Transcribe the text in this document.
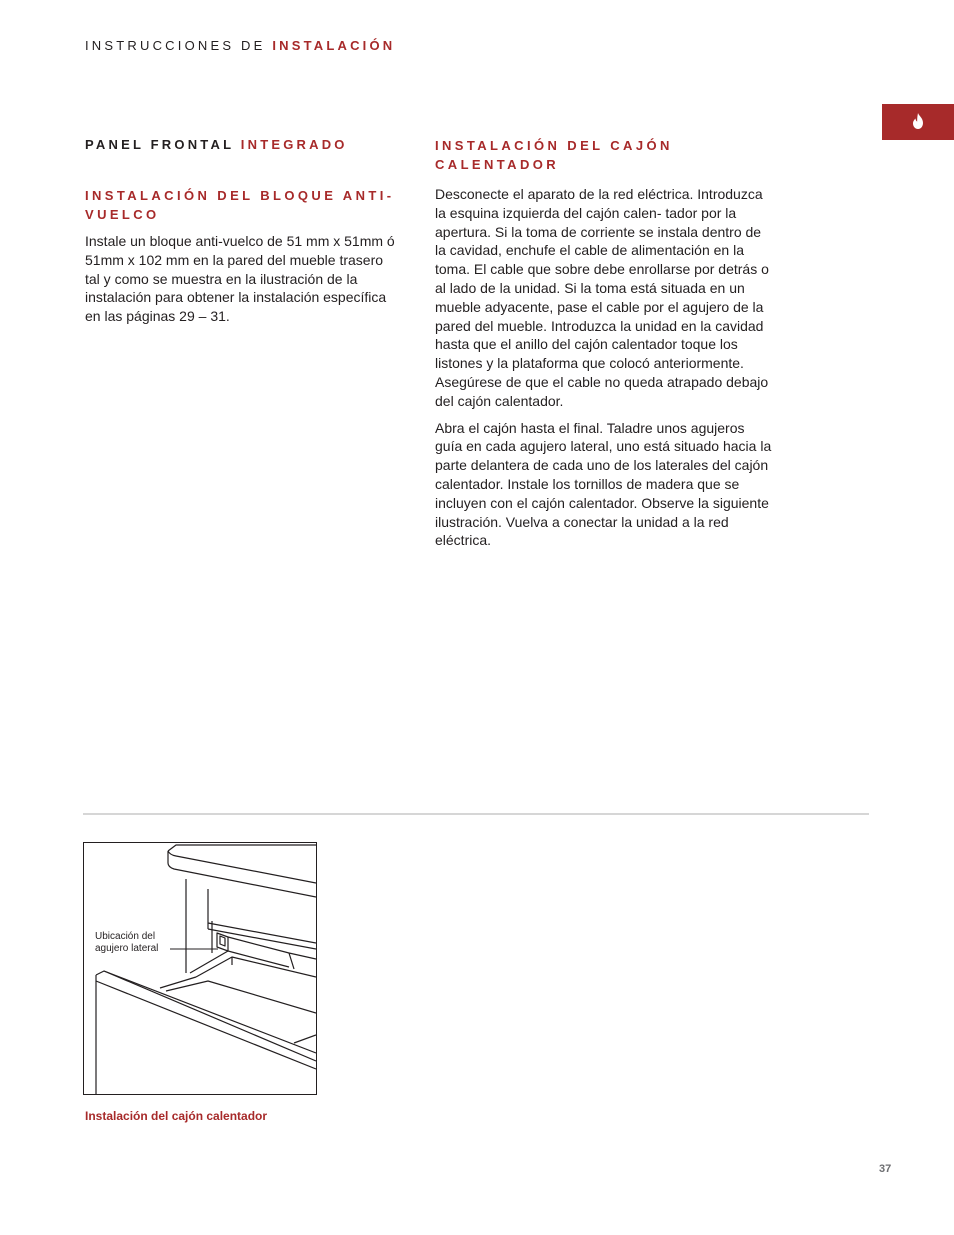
INSTRUCCIONES DE INSTALACIÓN
PANEL FRONTAL INTEGRADO
INSTALACIÓN DEL BLOQUE ANTI-
VUELCO

Instale un bloque anti-vuelco de 51 mm x 51mm ó 51mm x 102 mm en la pared del mueble trasero tal y como se muestra en la ilustración de la instalación para obtener la instalación específica en las páginas 29 – 31.

INSTALACIÓN DEL CAJÓN
CALENTADOR

Desconecte el aparato de la red eléctrica. Introduzca la esquina izquierda del cajón calen- tador por la apertura. Si la toma de corriente se instala dentro de la cavidad, enchufe el cable de alimentación en la toma. El cable que sobre debe enrollarse por detrás o al lado de la unidad. Si la toma está situada en un mueble adyacente, pase el cable por el agujero de la pared del mueble. Introduzca la unidad en la cavidad hasta que el anillo del cajón calentador toque los listones y la plataforma que colocó anteriormente. Asegúrese de que el cable no queda atrapado debajo del cajón calentador.

Abra el cajón hasta el final. Taladre unos agujeros guía en cada agujero lateral, uno está situado hacia la parte delantera de cada uno de los laterales del cajón calentador. Instale los tornillos de madera que se incluyen con el cajón calentador. Observe la siguiente ilustración. Vuelva a conectar la unidad a la red eléctrica.

Ubicación del
agujero lateral
Instalación del cajón calentador
37
